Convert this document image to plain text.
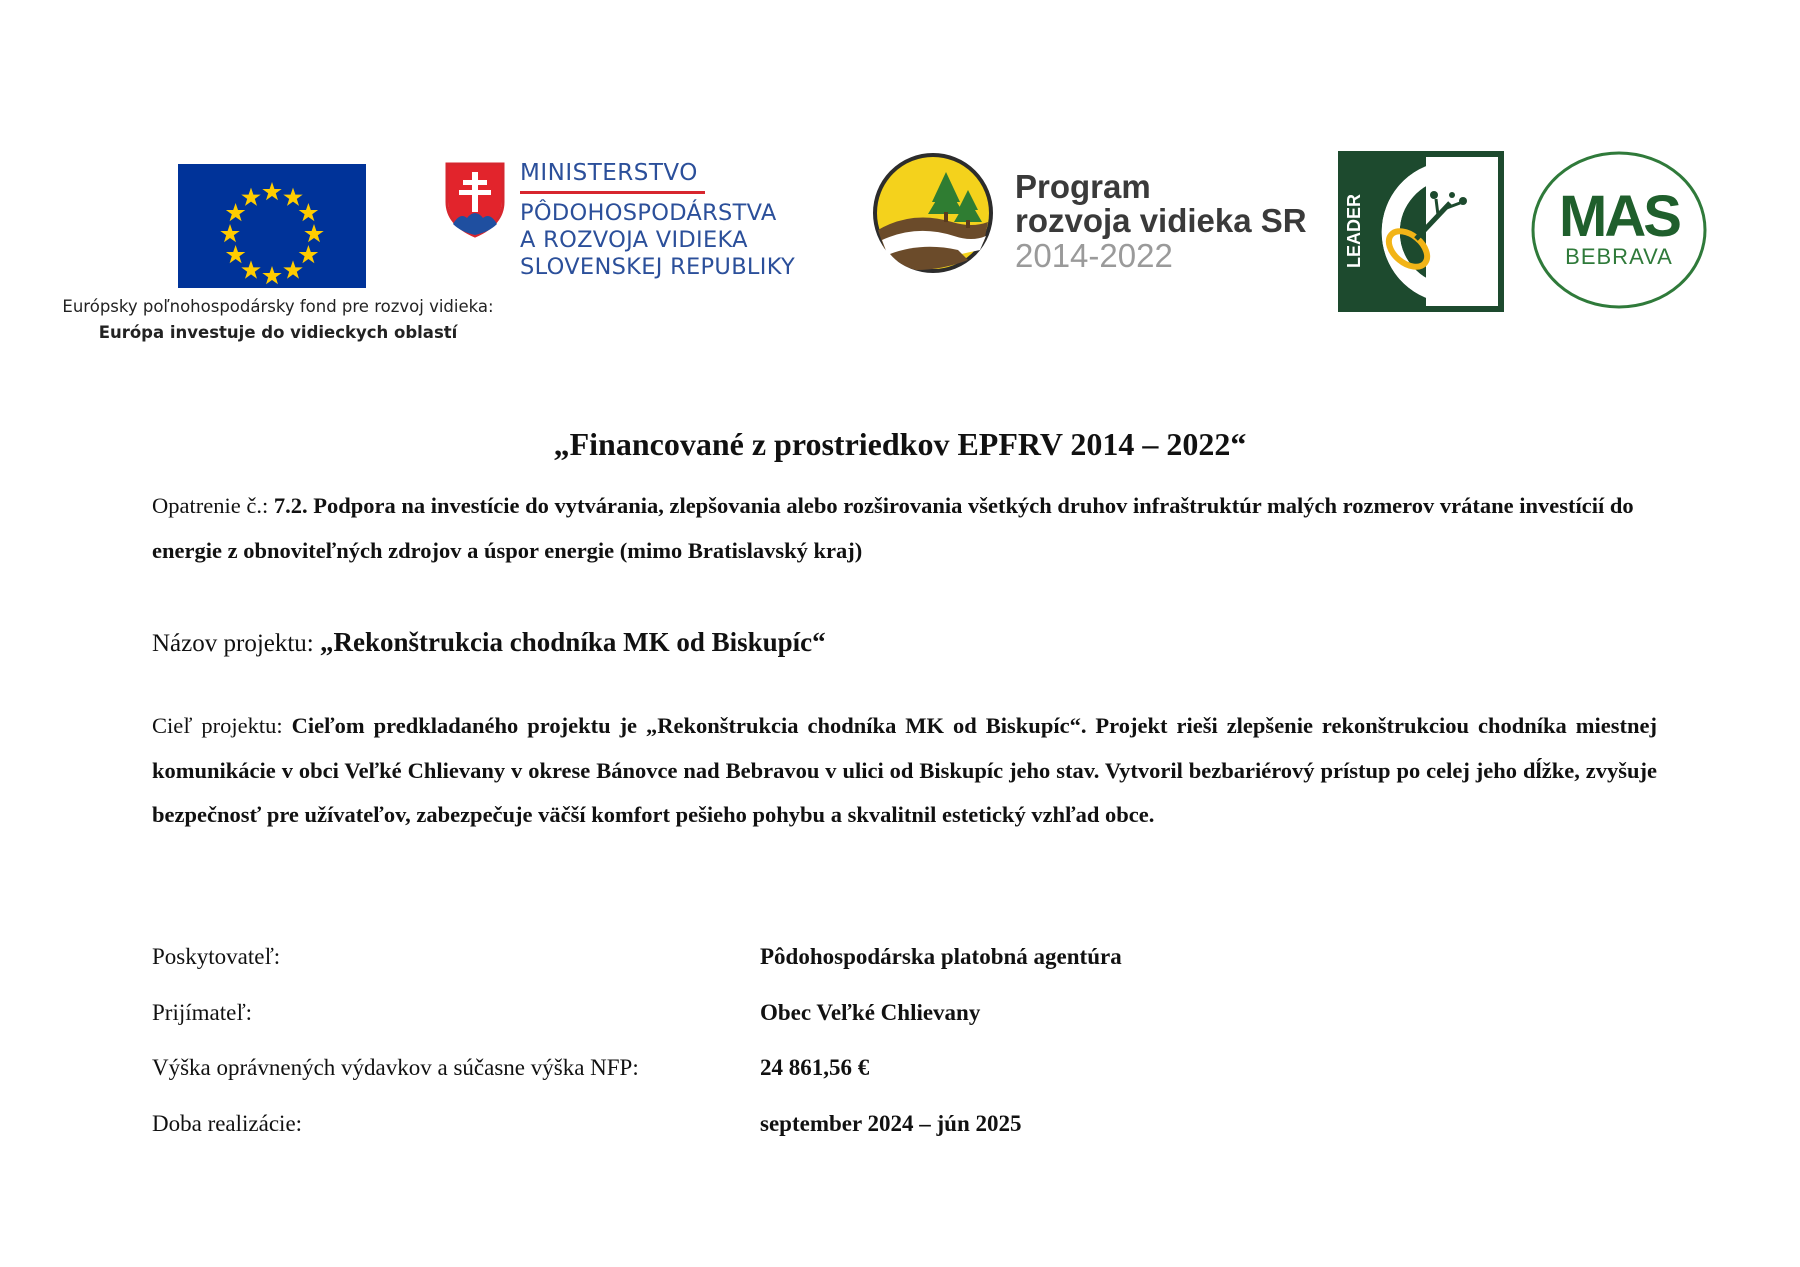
Európsky poľnohospodársky fond pre rozvoj vidieka:
Európa investuje do vidieckych oblastí
MINISTERSTVO
PÔDOHOSPODÁRSTVA
A ROZVOJA VIDIEKA
SLOVENSKEJ REPUBLIKY
Program
rozvoja vidieka SR
2014-2022	LEADER	MAS
BEBRAVA
„Financované z prostriedkov EPFRV 2014 – 2022“
Opatrenie č.: 7.2. Podpora na investície do vytvárania, zlepšovania alebo rozširovania všetkých druhov infraštruktúr malých rozmerov vrátane investícií do energie z obnoviteľných zdrojov a úspor energie (mimo Bratislavský kraj)
Názov projektu: „Rekonštrukcia chodníka MK od Biskupíc“
Cieľ projektu: Cieľom predkladaného projektu je „Rekonštrukcia chodníka MK od Biskupíc“. Projekt rieši zlepšenie rekonštrukciou chodníka miestnej komunikácie v obci Veľké Chlievany v okrese Bánovce nad Bebravou v ulici od Biskupíc jeho stav. Vytvoril bezbariérový prístup po celej jeho dĺžke, zvyšuje bezpečnosť pre užívateľov, zabezpečuje väčší komfort pešieho pohybu a skvalitnil estetický vzhľad obce.
Poskytovateľ:	Pôdohospodárska platobná agentúra
Prijímateľ:	Obec Veľké Chlievany
Výška oprávnených výdavkov a súčasne výška NFP:	24 861,56 €
Doba realizácie:	september 2024 – jún 2025
